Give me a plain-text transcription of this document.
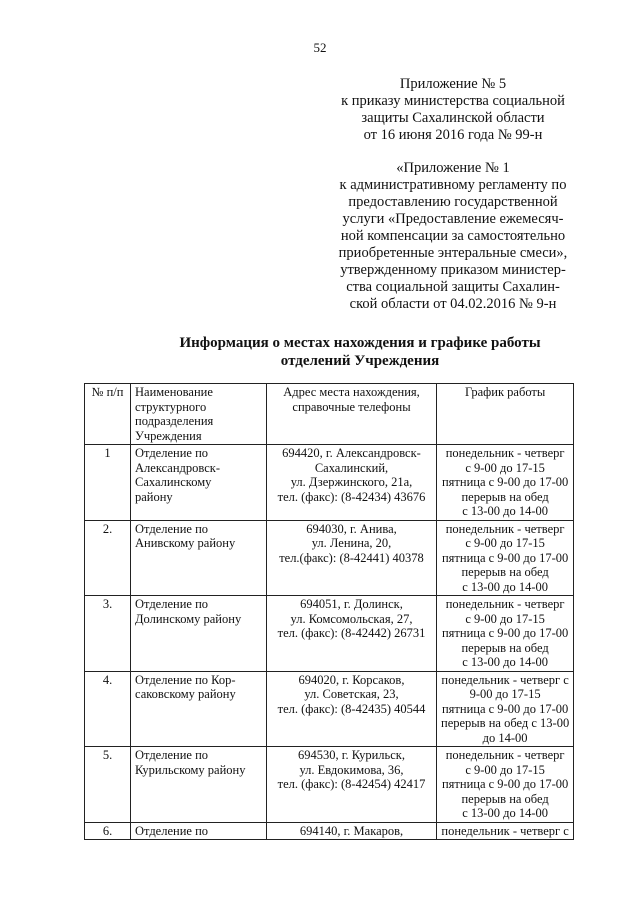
52
Приложение № 5
к приказу министерства социальной
защиты Сахалинской области
от 16 июня 2016 года № 99-н
«Приложение № 1
к административному регламенту по
предоставлению государственной
услуги «Предоставление ежемесяч-
ной компенсации за самостоятельно
приобретенные энтеральные смеси»,
утвержденному приказом министер-
ства социальной защиты Сахалин-
ской области от 04.02.2016 № 9-н
Информация о местах нахождения и графике работы
отделений Учреждения
№ п/п	Наименование структурного подразделения Учреждения	Адрес места нахождения, справочные телефоны	График работы

1	Отделение по
Александровск-
Сахалинскому
району	694420, г. Александровск-
Сахалинский,
ул. Дзержинского, 21а,
тел. (факс): (8-42434) 43676	понедельник - четверг
с 9-00 до 17-15
пятница с 9-00 до 17-00
перерыв на обед
с 13-00 до 14-00

2.	Отделение по
Анивскому району	694030, г. Анива,
ул. Ленина, 20,
тел.(факс): (8-42441) 40378	понедельник - четверг
с 9-00 до 17-15
пятница с 9-00 до 17-00
перерыв на обед
с 13-00 до 14-00

3.	Отделение по
Долинскому району	694051, г. Долинск,
ул. Комсомольская, 27,
тел. (факс): (8-42442) 26731	понедельник - четверг
с 9-00 до 17-15
пятница с 9-00 до 17-00
перерыв на обед
с 13-00 до 14-00

4.	Отделение по Кор-
саковскому району	694020, г. Корсаков,
ул. Советская, 23,
тел. (факс): (8-42435) 40544	понедельник - четверг с
9-00 до 17-15
пятница с 9-00 до 17-00
перерыв на обед с 13-00
до 14-00

5.	Отделение по
Курильскому району	694530, г. Курильск,
ул. Евдокимова, 36,
тел. (факс): (8-42454) 42417	понедельник - четверг
с 9-00 до 17-15
пятница с 9-00 до 17-00
перерыв на обед
с 13-00 до 14-00

6.	Отделение по	694140, г. Макаров,	понедельник - четверг с
